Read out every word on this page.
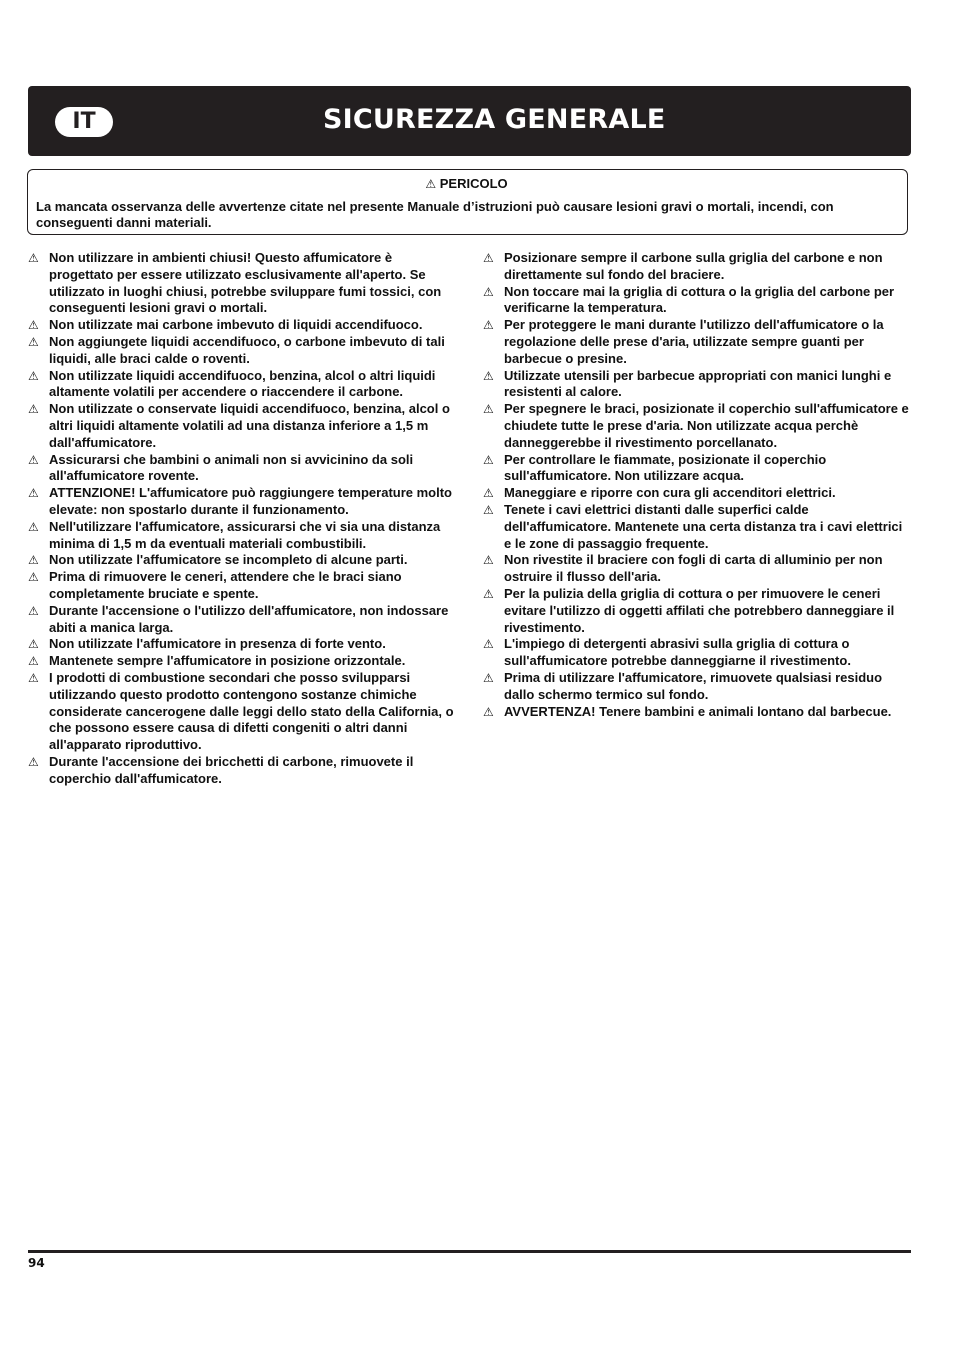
IT	SICUREZZA GENERALE
⚠ PERICOLO
La mancata osservanza delle avvertenze citate nel presente Manuale d’istruzioni può causare lesioni gravi o mortali, incendi, con conseguenti danni materiali.
⚠ Non utilizzare in ambienti chiusi! Questo affumicatore è progettato per essere utilizzato esclusivamente all'aperto. Se utilizzato in luoghi chiusi, potrebbe sviluppare fumi tossici, con conseguenti lesioni gravi o mortali.
⚠ Non utilizzate mai carbone imbevuto di liquidi accendifuoco.
⚠ Non aggiungete liquidi accendifuoco, o carbone imbevuto di tali liquidi, alle braci calde o roventi.
⚠ Non utilizzate liquidi accendifuoco, benzina, alcol o altri liquidi altamente volatili per accendere o riaccendere il carbone.
⚠ Non utilizzate o conservate liquidi accendifuoco, benzina, alcol o altri liquidi altamente volatili ad una distanza inferiore a 1,5 m dall'affumicatore.
⚠ Assicurarsi che bambini o animali non si avvicinino da soli all'affumicatore rovente.
⚠ ATTENZIONE! L'affumicatore può raggiungere temperature molto elevate: non spostarlo durante il funzionamento.
⚠ Nell'utilizzare l'affumicatore, assicurarsi che vi sia una distanza minima di 1,5 m da eventuali materiali combustibili.
⚠ Non utilizzate l'affumicatore se incompleto di alcune parti.
⚠ Prima di rimuovere le ceneri, attendere che le braci siano completamente bruciate e spente.
⚠ Durante l'accensione o l'utilizzo dell'affumicatore, non indossare abiti a manica larga.
⚠ Non utilizzate l'affumicatore in presenza di forte vento.
⚠ Mantenete sempre l'affumicatore in posizione orizzontale.
⚠ I prodotti di combustione secondari che posso svilupparsi utilizzando questo prodotto contengono sostanze chimiche considerate cancerogene dalle leggi dello stato della California, o che possono essere causa di difetti congeniti o altri danni all'apparato riproduttivo.
⚠ Durante l'accensione dei bricchetti di carbone, rimuovete il coperchio dall'affumicatore.
⚠ Posizionare sempre il carbone sulla griglia del carbone e non direttamente sul fondo del braciere.
⚠ Non toccare mai la griglia di cottura o la griglia del carbone per verificarne la temperatura.
⚠ Per proteggere le mani durante l'utilizzo dell'affumicatore o la regolazione delle prese d'aria, utilizzate sempre guanti per barbecue o presine.
⚠ Utilizzate utensili per barbecue appropriati con manici lunghi e resistenti al calore.
⚠ Per spegnere le braci, posizionate il coperchio sull'affumicatore e chiudete tutte le prese d'aria. Non utilizzate acqua perchè danneggerebbe il rivestimento porcellanato.
⚠ Per controllare le fiammate, posizionate il coperchio sull'affumicatore. Non utilizzare acqua.
⚠ Maneggiare e riporre con cura gli accenditori elettrici.
⚠ Tenete i cavi elettrici distanti dalle superfici calde dell'affumicatore. Mantenete una certa distanza tra i cavi elettrici e le zone di passaggio frequente.
⚠ Non rivestite il braciere con fogli di carta di alluminio per non ostruire il flusso dell'aria.
⚠ Per la pulizia della griglia di cottura o per rimuovere le ceneri evitare l'utilizzo di oggetti affilati che potrebbero danneggiare il rivestimento.
⚠ L'impiego di detergenti abrasivi sulla griglia di cottura o sull'affumicatore potrebbe danneggiarne il rivestimento.
⚠ Prima di utilizzare l'affumicatore, rimuovete qualsiasi residuo dallo schermo termico sul fondo.
⚠ AVVERTENZA! Tenere bambini e animali lontano dal barbecue.
94
